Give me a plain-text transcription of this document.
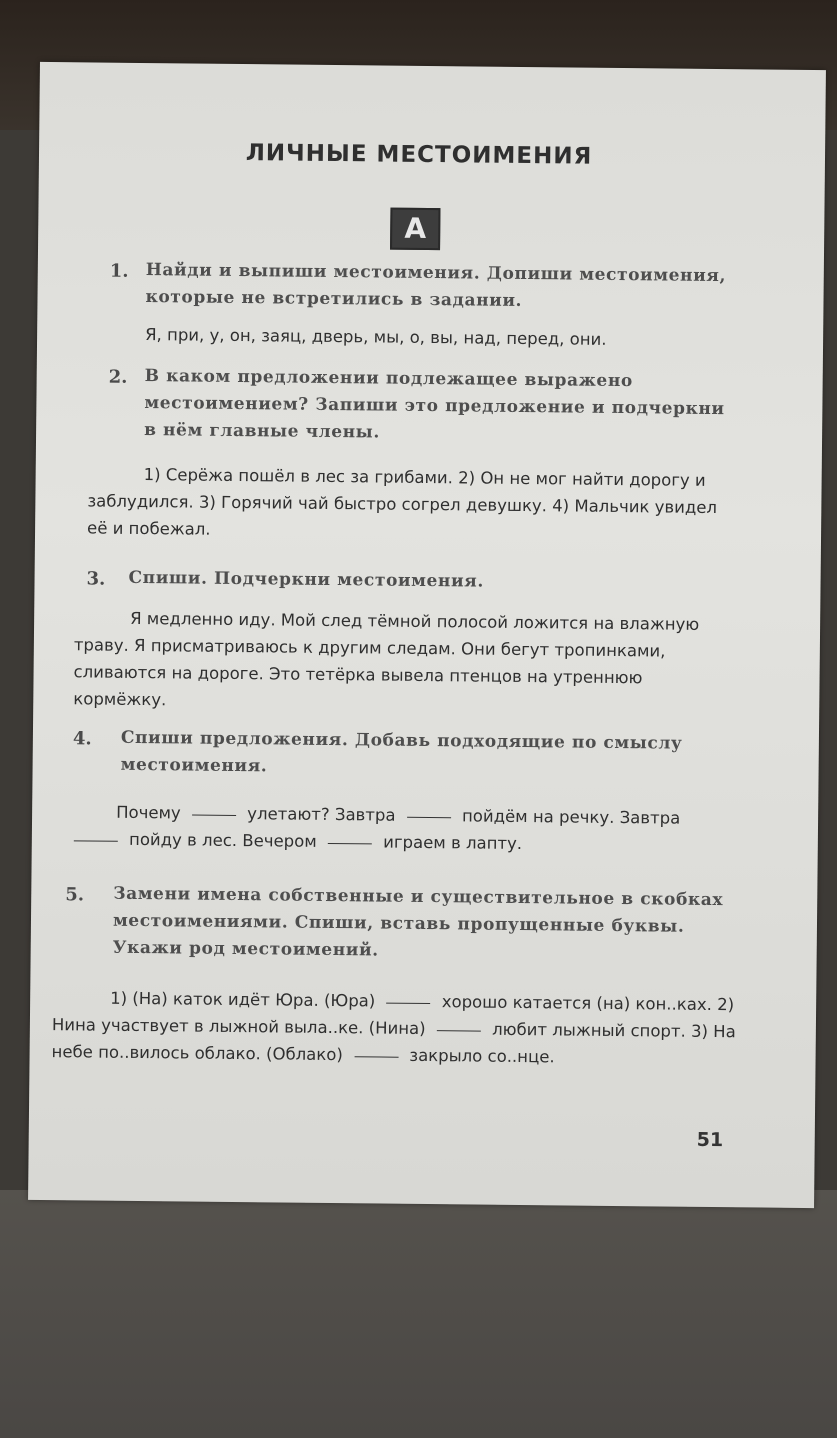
ЛИЧНЫЕ МЕСТОИМЕНИЯ
А
1. Найди и выпиши местоимения. Допиши местоимения, которые не встретились в задании.
Я, при, у, он, заяц, дверь, мы, о, вы, над, перед, они.
2. В каком предложении подлежащее выражено местоимением? Запиши это предложение и подчеркни в нём главные члены.
1) Серёжа пошёл в лес за грибами. 2) Он не мог найти дорогу и заблудился. 3) Горячий чай быстро согрел девушку. 4) Мальчик увидел её и побежал.
3. Спиши. Подчеркни местоимения.
Я медленно иду. Мой след тёмной полосой ложится на влажную траву. Я присматриваюсь к другим следам. Они бегут тропинками, сливаются на дороге. Это тетёрка вывела птенцов на утреннюю кормёжку.
4. Спиши предложения. Добавь подходящие по смыслу местоимения.
Почему	улетают? Завтра	пойдём на речку. Завтра  пойду в лес. Вечером	играем в лапту.
5. Замени имена собственные и существительное в скобках местоимениями. Спиши, вставь пропущенные буквы. Укажи род местоимений.
1) (На) каток идёт Юра. (Юра)	хорошо катается (на) кон..ках. 2) Нина участвует в лыжной выла..ке. (Нина)	любит лыжный спорт. 3) На небе по..вилось облако. (Облако)	закрыло со..нце.
51
